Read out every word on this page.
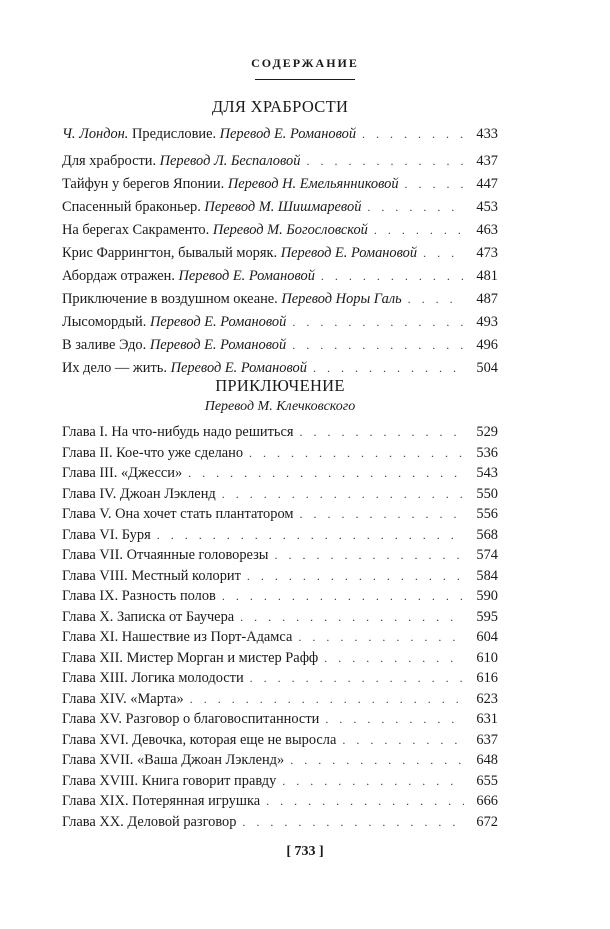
СОДЕРЖАНИЕ
ДЛЯ ХРАБРОСТИ
Ч. Лондон. Предисловие. Перевод Е. Романовой . . .	433
Для храбрости. Перевод Л. Беспаловой . . .	437
Тайфун у берегов Японии. Перевод Н. Емельянниковой . . .	447
Спасенный браконьер. Перевод М. Шишмаревой . . .	453
На берегах Сакраменто. Перевод М. Богословской . . .	463
Крис Фаррингтон, бывалый моряк. Перевод Е. Романовой . . .	473
Абордаж отражен. Перевод Е. Романовой . . .	481
Приключение в воздушном океане. Перевод Норы Галь . . .	487
Лысомордый. Перевод Е. Романовой . . .	493
В заливе Эдо. Перевод Е. Романовой . . .	496
Их дело — жить. Перевод Е. Романовой . . .	504
ПРИКЛЮЧЕНИЕ
Перевод М. Клечковского
Глава I. На что-нибудь надо решиться . . .	529
Глава II. Кое-что уже сделано . . .	536
Глава III. «Джесси» . . .	543
Глава IV. Джоан Лэкленд . . .	550
Глава V. Она хочет стать плантатором . . .	556
Глава VI. Буря . . .	568
Глава VII. Отчаянные головорезы . . .	574
Глава VIII. Местный колорит . . .	584
Глава IX. Разность полов . . .	590
Глава X. Записка от Баучера . . .	595
Глава XI. Нашествие из Порт-Адамса . . .	604
Глава XII. Мистер Морган и мистер Рафф . . .	610
Глава XIII. Логика молодости . . .	616
Глава XIV. «Марта» . . .	623
Глава XV. Разговор о благовоспитанности . . .	631
Глава XVI. Девочка, которая еще не выросла . . .	637
Глава XVII. «Ваша Джоан Лэкленд» . . .	648
Глава XVIII. Книга говорит правду . . .	655
Глава XIX. Потерянная игрушка . . .	666
Глава XX. Деловой разговор . . .	672
[ 733 ]
